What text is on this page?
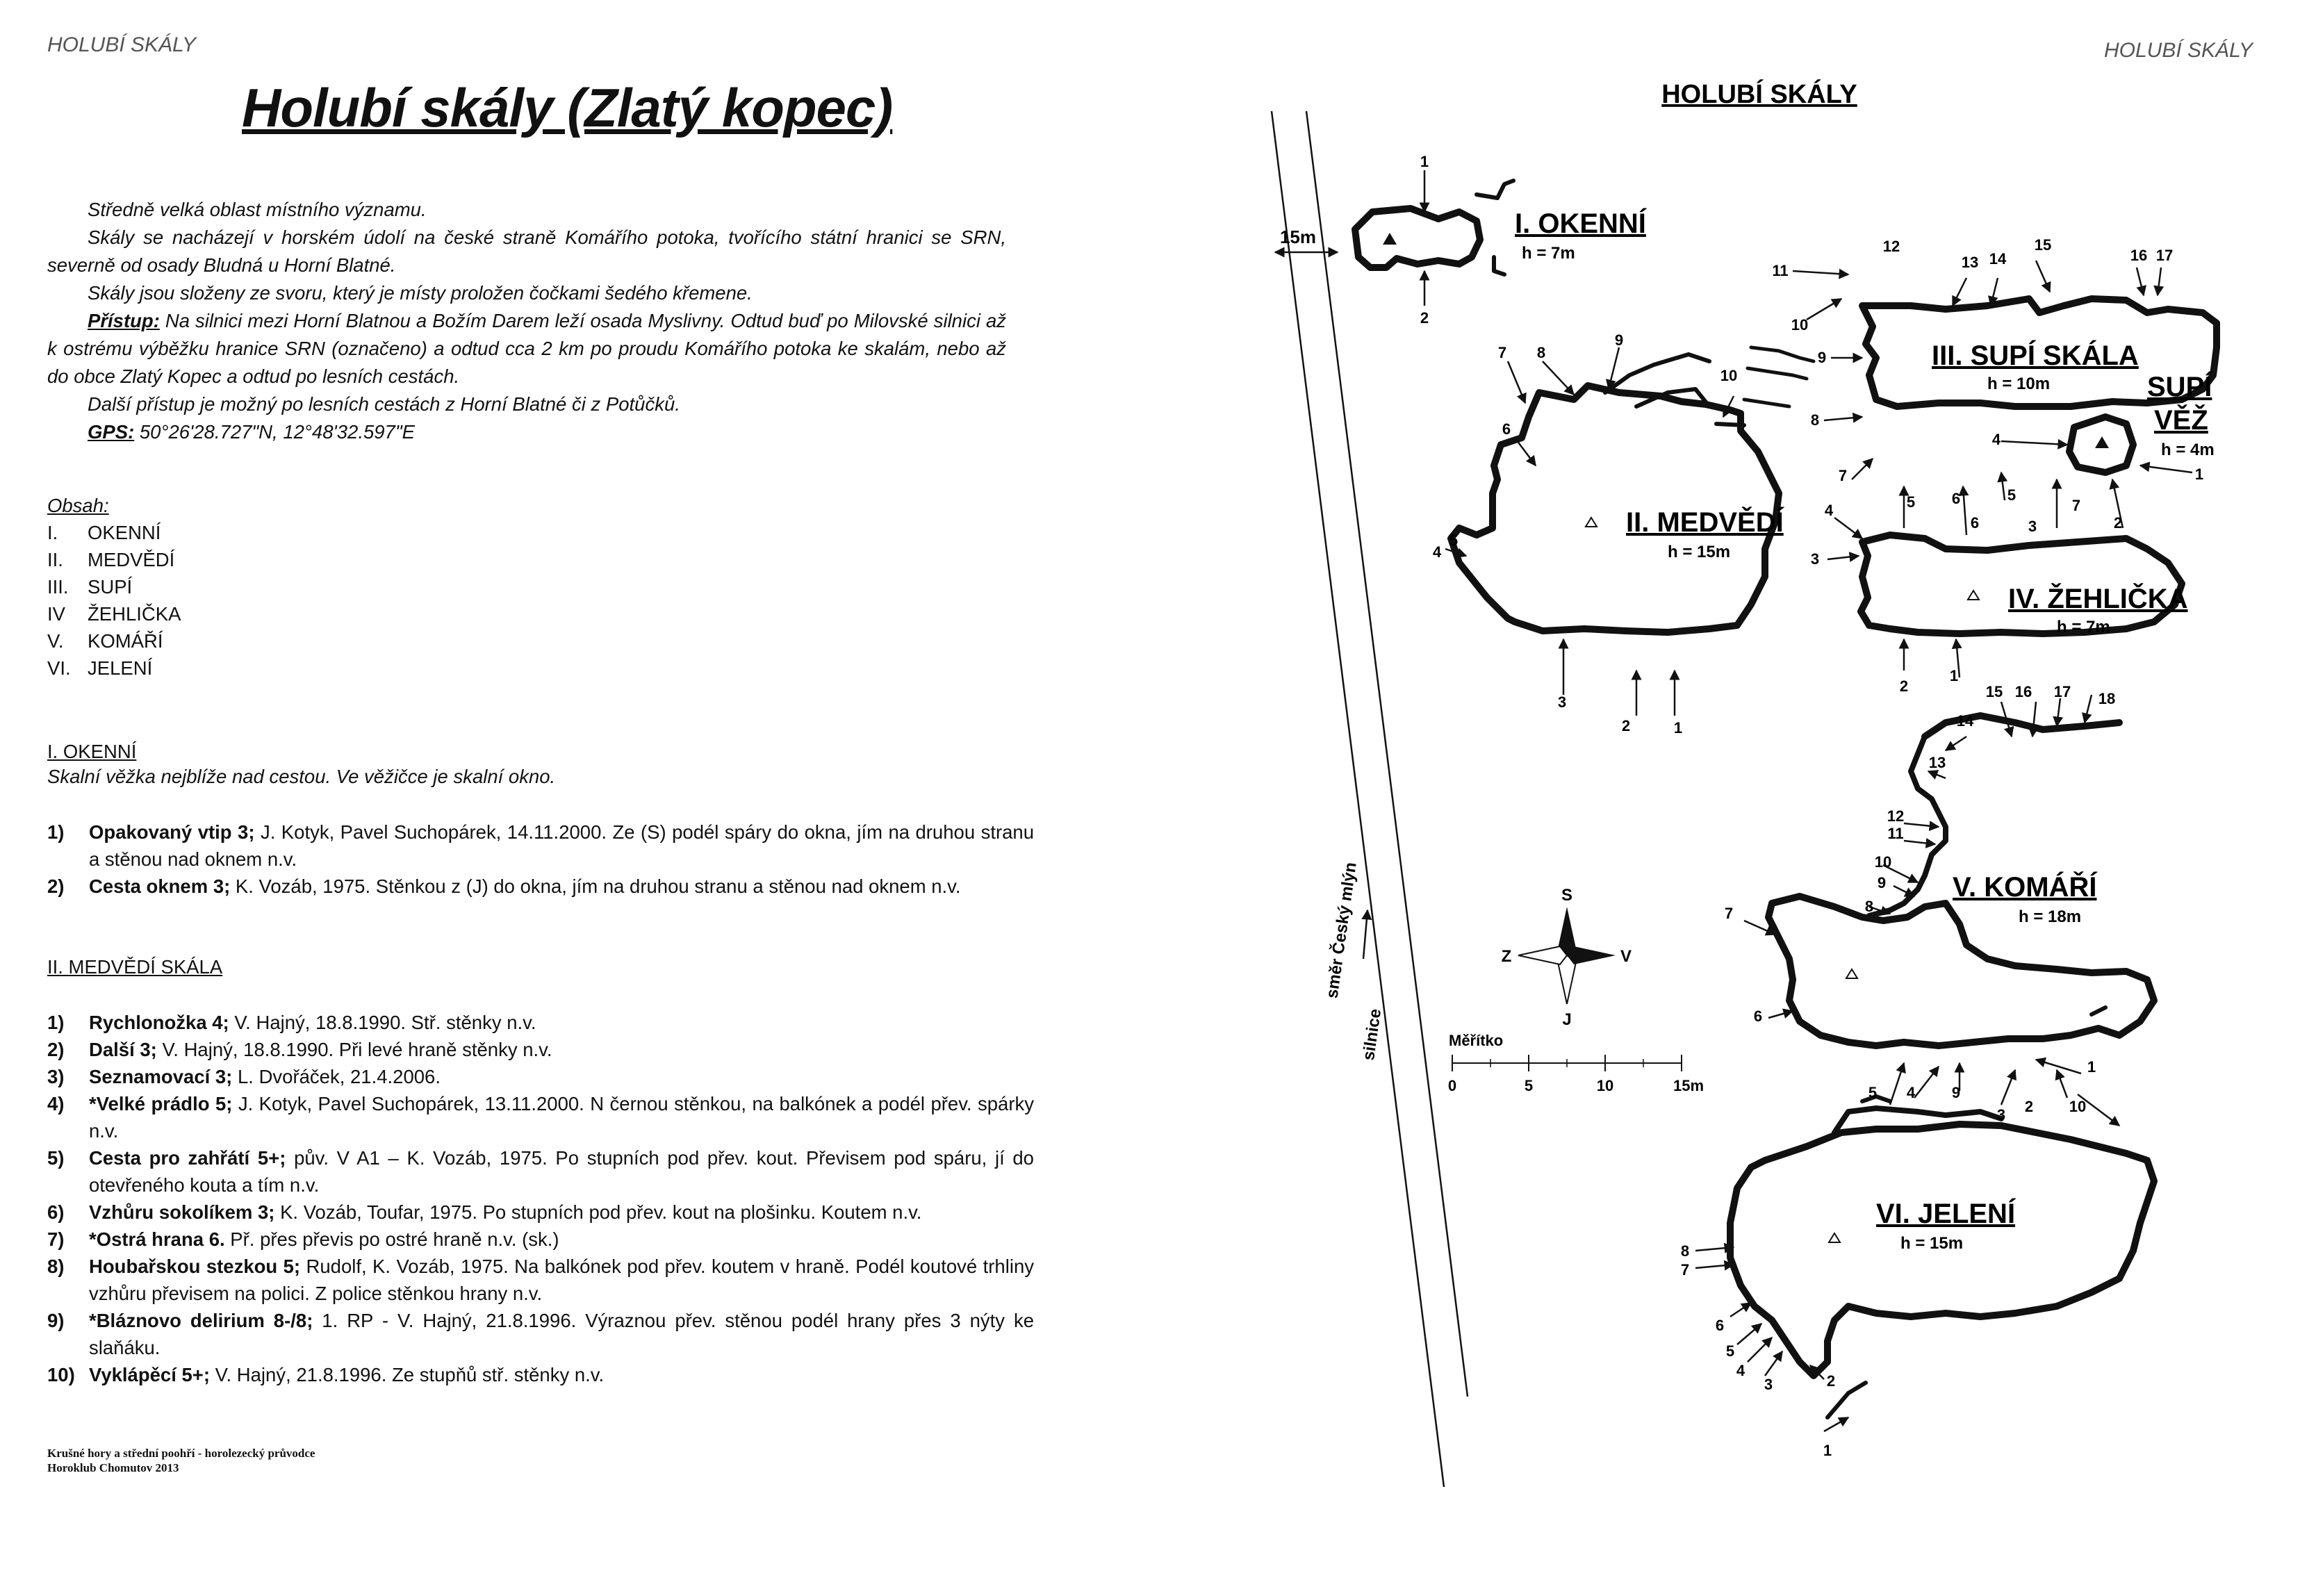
HOLUBÍ SKÁLY	HOLUBÍ SKÁLY
Holubí skály (Zlatý kopec)

Středně velká oblast místního významu.

Skály se nacházejí v horském údolí na české straně Komářího potoka, tvořícího státní hranici se SRN, severně od osady Bludná u Horní Blatné.

Skály jsou složeny ze svoru, který je místy proložen čočkami šedého křemene.

Přístup: Na silnici mezi Horní Blatnou a Božím Darem leží osada Myslivny. Odtud buď po Milovské silnici až k ostrému výběžku hranice SRN (označeno) a odtud cca 2 km po proudu Komářího potoka ke skalám, nebo až do obce Zlatý Kopec a odtud po lesních cestách.

Další přístup je možný po lesních cestách z Horní Blatné či z Potůčků.

GPS: 50°26'28.727"N, 12°48'32.597"E

Obsah:
I. OKENNÍ
II. MEDVĚDÍ
III. SUPÍ
IV ŽEHLIČKA
V. KOMÁŘÍ
VI. JELENÍ
I. OKENNÍ
Skalní věžka nejblíže nad cestou. Ve věžičce je skalní okno.
1)	Opakovaný vtip 3; J. Kotyk, Pavel Suchopárek, 14.11.2000. Ze (S) podél spáry do okna, jím na druhou stranu a stěnou nad oknem n.v.
2)	Cesta oknem 3; K. Vozáb, 1975. Stěnkou z (J) do okna, jím na druhou stranu a stěnou nad oknem n.v.
II. MEDVĚDÍ SKÁLA
1)	Rychlonožka 4; V. Hajný, 18.8.1990. Stř. stěnky n.v.
2)	Další 3; V. Hajný, 18.8.1990. Při levé hraně stěnky n.v.
3)	Seznamovací 3; L. Dvořáček, 21.4.2006.
4)	*Velké prádlo 5; J. Kotyk, Pavel Suchopárek, 13.11.2000. N černou stěnkou, na balkónek a podél přev. spárky n.v.
5)	Cesta pro zahřátí 5+; pův. V A1 – K. Vozáb, 1975. Po stupních pod přev. kout. Převisem pod spáru, jí do otevřeného kouta a tím n.v.
6)	Vzhůru sokolíkem 3; K. Vozáb, Toufar, 1975. Po stupních pod přev. kout na plošinku. Koutem n.v.
7)	*Ostrá hrana 6. Př. přes převis po ostré hraně n.v. (sk.)
8)	Houbařskou stezkou 5; Rudolf, K. Vozáb, 1975. Na balkónek pod přev. koutem v hraně. Podél koutové trhliny vzhůru převisem na polici. Z police stěnkou hrany n.v.
9)	*Bláznovo delirium 8-/8; 1. RP - V. Hajný, 21.8.1996. Výraznou přev. stěnou podél hrany přes 3 nýty ke slaňáku.
10) Vyklápěcí 5+; V. Hajný, 21.8.1996. Ze stupňů stř. stěnky n.v.
Krušné hory a střední poohří - horolezecký průvodce
Horoklub Chomutov 2013
HOLUBÍ SKÁLY
směr Český mlýn
silnice
15m	I. OKENNÍ
h = 7m
II. MEDVĚDÍ
h = 15m
III. SUPÍ SKÁLA
h = 10m	SUPÍ
VĚŽ
h = 4m
IV. ŽEHLIČKA
h = 7m
V. KOMÁŘÍ
h = 18m
VI. JELENÍ
h = 15m
1
2
7 8
9
10
6
4
5
3
2	1
11
10
9
8
7
12
13 14
15
16 17
4
1
5 6	5
6	3
7
2
4
3
2
1
15 16 17 18
14
13
12
11
10
9
8
7
6
1
10
2
3
9
4
5
8
7
6
5
4
3	2
1
S
J
Z	V
Měřítko
0	5	10	15m
